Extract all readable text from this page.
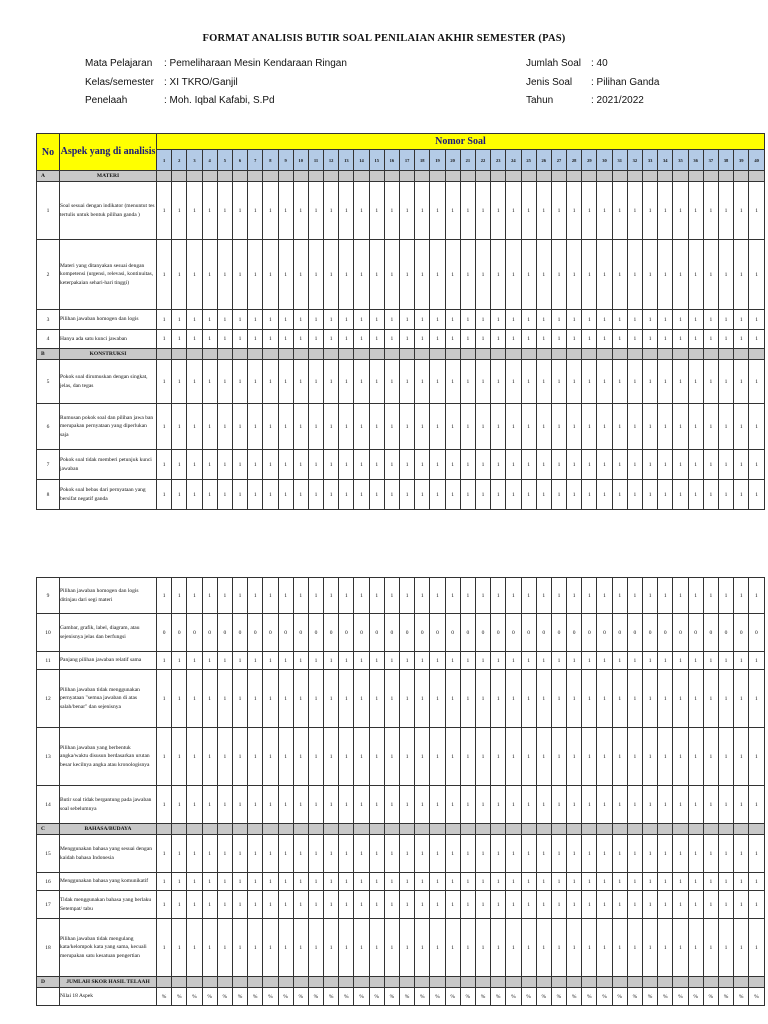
FORMAT ANALISIS BUTIR SOAL PENILAIAN AKHIR SEMESTER (PAS)
Mata Pelajaran : Pemeliharaan Mesin Kendaraan Ringan
Kelas/semester : XI TKRO/Ganjil
Penelaah	: Moh. Iqbal Kafabi, S.Pd
Jumlah Soal : 40
Jenis Soal : Pilihan Ganda
Tahun	: 2021/2022
No	Aspek yang di analisis	Nomor Soal																																							
		1	2	3	4	5	6	7	8	9	10	11	12	13	14	15	16	17	18	19	20	21	22	23	24	25	26	27	28	29	30	31	32	33	34	35	36	37	38	39	40
A	MATERI																																								
1	Soal sesuai dengan indikator (menuntut tes tertulis untuk bentuk pilihan ganda )	1	1	1	1	1	1	1	1	1	1	1	1	1	1	1	1	1	1	1	1	1	1	1	1	1	1	1	1	1	1	1	1	1	1	1	1	1	1	1	1
2	Materi yang ditanyakan sesuai dengan kompetensi (urgensi, relevasi, kontinuitas, keterpakaian sehari-hari tinggi)	1	1	1	1	1	1	1	1	1	1	1	1	1	1	1	1	1	1	1	1	1	1	1	1	1	1	1	1	1	1	1	1	1	1	1	1	1	1	1	1
3	Pilihan jawaban homogen dan logis	1	1	1	1	1	1	1	1	1	1	1	1	1	1	1	1	1	1	1	1	1	1	1	1	1	1	1	1	1	1	1	1	1	1	1	1	1	1	1	1
4	Hanya ada satu kunci jawaban	1	1	1	1	1	1	1	1	1	1	1	1	1	1	1	1	1	1	1	1	1	1	1	1	1	1	1	1	1	1	1	1	1	1	1	1	1	1	1	1
B	KONSTRUKSI																																								
5	Pokok soal dirumuskan dengan singkat, jelas, dan tegas	1	1	1	1	1	1	1	1	1	1	1	1	1	1	1	1	1	1	1	1	1	1	1	1	1	1	1	1	1	1	1	1	1	1	1	1	1	1	1	1
6	Rumusan pokok soal dan pilihan jawa ban merupakan pernyataan yang diperlukan saja	1	1	1	1	1	1	1	1	1	1	1	1	1	1	1	1	1	1	1	1	1	1	1	1	1	1	1	1	1	1	1	1	1	1	1	1	1	1	1	1
7	Pokok soal tidak memberi petunjuk kunci jawaban	1	1	1	1	1	1	1	1	1	1	1	1	1	1	1	1	1	1	1	1	1	1	1	1	1	1	1	1	1	1	1	1	1	1	1	1	1	1	1	1
8	Pokok soal bebas dari pernyataan yang bersifat negatif ganda	1	1	1	1	1	1	1	1	1	1	1	1	1	1	1	1	1	1	1	1	1	1	1	1	1	1	1	1	1	1	1	1	1	1	1	1	1	1	1	1
9	Pilihan jawaban homogen dan logis ditinjau dari segi materi	1	1	1	1	1	1	1	1	1	1	1	1	1	1	1	1	1	1	1	1	1	1	1	1	1	1	1	1	1	1	1	1	1	1	1	1	1	1	1	1
10	Gambar, grafik, label, diagram, atau sejenisnya jelas dan berfungsi	0	0	0	0	0	0	0	0	0	0	0	0	0	0	0	0	0	0	0	0	0	0	0	0	0	0	0	0	0	0	0	0	0	0	0	0	0	0	0	0
11	Panjang pilihan jawaban relatif sama	1	1	1	1	1	1	1	1	1	1	1	1	1	1	1	1	1	1	1	1	1	1	1	1	1	1	1	1	1	1	1	1	1	1	1	1	1	1	1	1
12	Pilihan jawaban tidak menggunakan pernyataan "semua jawaban di atas salah/benar" dan sejenisnya	1	1	1	1	1	1	1	1	1	1	1	1	1	1	1	1	1	1	1	1	1	1	1	1	1	1	1	1	1	1	1	1	1	1	1	1	1	1	1	1
13	Pilihan jawaban yang berbentuk angka/waktu disusun berdasarkan urutan besar kecilnya angka atau kronologisnya	1	1	1	1	1	1	1	1	1	1	1	1	1	1	1	1	1	1	1	1	1	1	1	1	1	1	1	1	1	1	1	1	1	1	1	1	1	1	1	1
14	Butir soal tidak bergantung pada jawaban soal sebelumnya	1	1	1	1	1	1	1	1	1	1	1	1	1	1	1	1	1	1	1	1	1	1	1	1	1	1	1	1	1	1	1	1	1	1	1	1	1	1	1	1
C	BAHASA/BUDAYA																																								
15	Menggunakan bahasa yang sesuai dengan kaidah bahasa Indonesia	1	1	1	1	1	1	1	1	1	1	1	1	1	1	1	1	1	1	1	1	1	1	1	1	1	1	1	1	1	1	1	1	1	1	1	1	1	1	1	1
16	Menggunakan bahasa yang komunikatif	1	1	1	1	1	1	1	1	1	1	1	1	1	1	1	1	1	1	1	1	1	1	1	1	1	1	1	1	1	1	1	1	1	1	1	1	1	1	1	1
17	Tidak menggunakan bahasa yang berlaku Setempat/ tabu	1	1	1	1	1	1	1	1	1	1	1	1	1	1	1	1	1	1	1	1	1	1	1	1	1	1	1	1	1	1	1	1	1	1	1	1	1	1	1	1
18	Pilihan jawaban tidak mengulang kata/kelompok kata yang sama, kecuali merupakan satu kesatuan pengertian	1	1	1	1	1	1	1	1	1	1	1	1	1	1	1	1	1	1	1	1	1	1	1	1	1	1	1	1	1	1	1	1	1	1	1	1	1	1	1	1
D	JUMLAH SKOR HASIL TELAAH																																								
	Nilai 18 Aspek	%	%	%	%	%	%	%	%	%	%	%	%	%	%	%	%	%	%	%	%	%	%	%	%	%	%	%	%	%	%	%	%	%	%	%	%	%	%	%	%
